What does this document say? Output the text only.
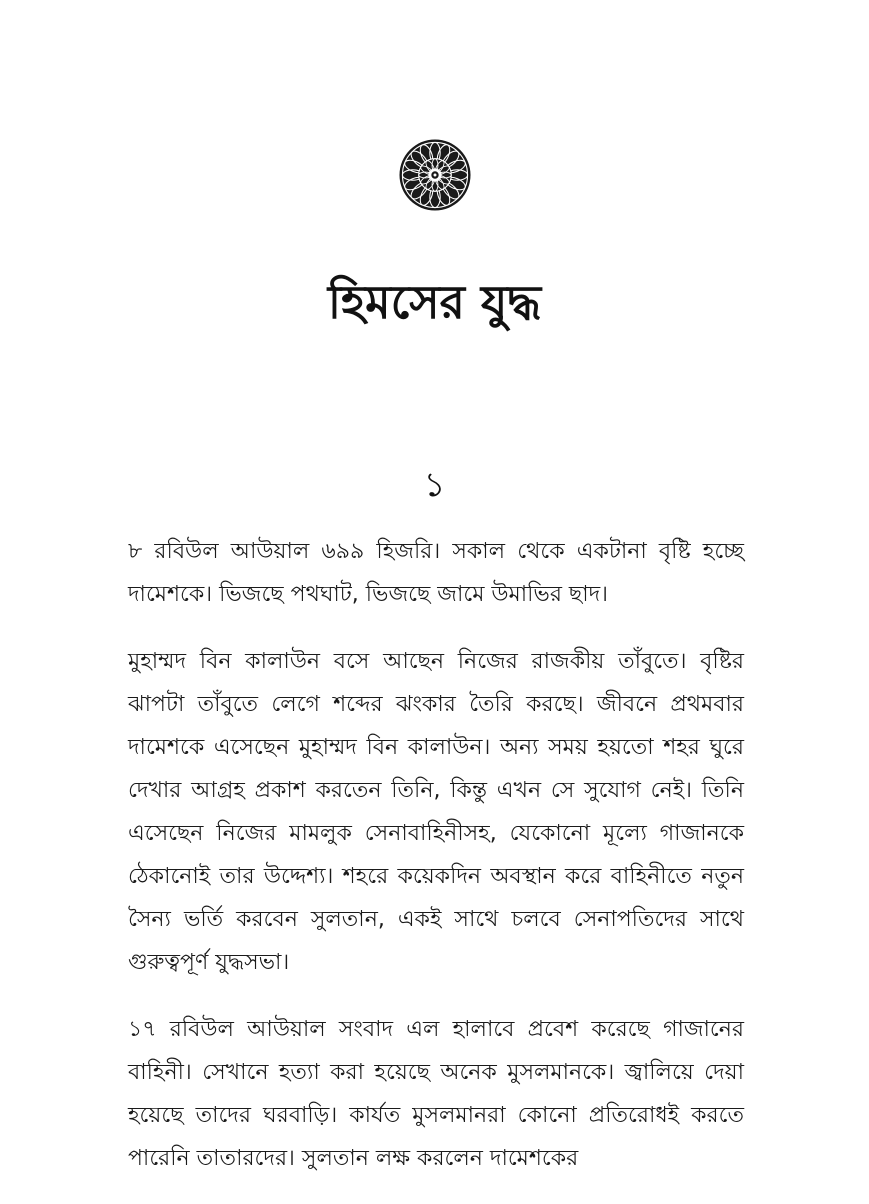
হিমসের যুদ্ধ
১

৮ রবিউল আউয়াল ৬৯৯ হিজরি। সকাল থেকে একটানা বৃষ্টি হচ্ছে দামেশকে। ভিজছে পথঘাট, ভিজছে জামে উমাভির ছাদ।

মুহাম্মদ বিন কালাউন বসে আছেন নিজের রাজকীয় তাঁবুতে। বৃষ্টির ঝাপটা তাঁবুতে লেগে শব্দের ঝংকার তৈরি করছে। জীবনে প্রথমবার দামেশকে এসেছেন মুহাম্মদ বিন কালাউন। অন্য সময় হয়তো শহর ঘুরে দেখার আগ্রহ প্রকাশ করতেন তিনি, কিন্তু এখন সে সুযোগ নেই। তিনি এসেছেন নিজের মামলুক সেনাবাহিনীসহ, যেকোনো মূল্যে গাজানকে ঠেকানোই তার উদ্দেশ্য। শহরে কয়েকদিন অবস্থান করে বাহিনীতে নতুন সৈন্য ভর্তি করবেন সুলতান, একই সাথে চলবে সেনাপতিদের সাথে গুরুত্বপূর্ণ যুদ্ধসভা।

১৭ রবিউল আউয়াল সংবাদ এল হালাবে প্রবেশ করেছে গাজানের বাহিনী। সেখানে হত্যা করা হয়েছে অনেক মুসলমানকে। জ্বালিয়ে দেয়া হয়েছে তাদের ঘরবাড়ি। কার্যত মুসলমানরা কোনো প্রতিরোধই করতে পারেনি তাতারদের। সুলতান লক্ষ করলেন দামেশকের
